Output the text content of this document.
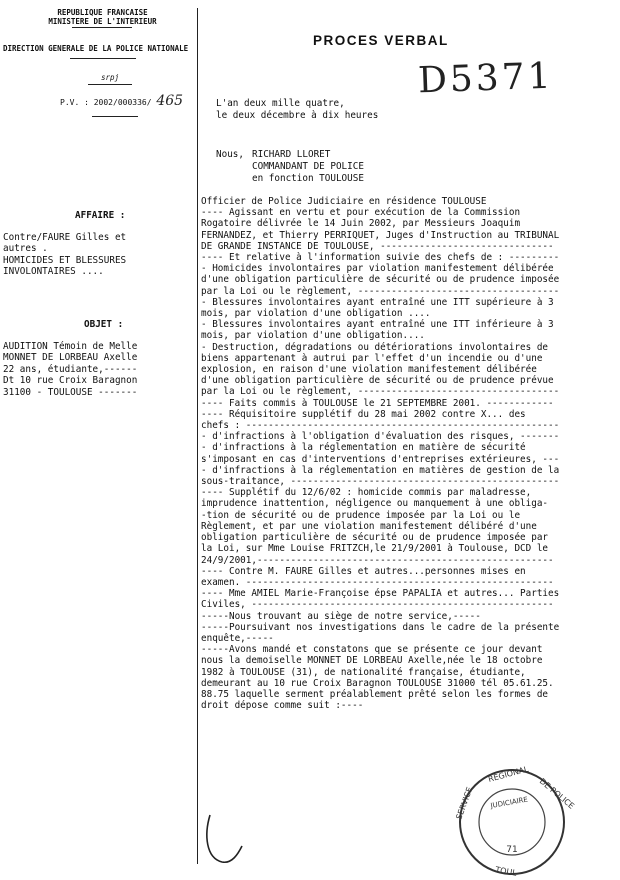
REPUBLIQUE FRANCAISE
MINISTERE DE L'INTERIEUR
DIRECTION GENERALE DE LA POLICE NATIONALE
srpj
P.V. : 2002/000336/ 465
PROCES VERBAL
D5371
L'an deux mille quatre,
le deux décembre à dix heures
Nous, RICHARD LLORET
COMMANDANT DE POLICE
en fonction TOULOUSE
AFFAIRE :
Contre/FAURE Gilles et
autres .
HOMICIDES ET BLESSURES
INVOLONTAIRES ....
OBJET :
AUDITION Témoin de Melle
MONNET DE LORBEAU Axelle
22 ans, étudiante,------
Dt 10 rue Croix Baragnon
31100 - TOULOUSE -------
Officier de Police Judiciaire en résidence TOULOUSE
---- Agissant en vertu et pour exécution de la Commission
Rogatoire délivrée le 14 Juin 2002, par Messieurs Joaquim
FERNANDEZ, et Thierry PERRIQUET, Juges d'Instruction au TRIBUNAL
DE GRANDE INSTANCE DE TOULOUSE, -------------------------------
---- Et relative à l'information suivie des chefs de : ---------
- Homicides involontaires par violation manifestement délibérée
d'une obligation particulière de sécurité ou de prudence imposée
par la Loi ou le règlement, ------------------------------------
- Blessures involontaires ayant entraîné une ITT supérieure à 3
mois, par violation d'une obligation ....
- Blessures involontaires ayant entraîné une ITT inférieure à 3
mois, par violation d'une obligation....
- Destruction, dégradations ou détériorations involontaires de
biens appartenant à autrui par l'effet d'un incendie ou d'une
explosion, en raison d'une violation manifestement délibérée
d'une obligation particulière de sécurité ou de prudence prévue
par la Loi ou le règlement, ------------------------------------
---- Faits commis à TOULOUSE le 21 SEPTEMBRE 2001. ------------
---- Réquisitoire supplétif du 28 mai 2002 contre X... des
chefs : --------------------------------------------------------
- d'infractions à l'obligation d'évaluation des risques, -------
- d'infractions à la réglementation en matière de sécurité
s'imposant en cas d'interventions d'entreprises extérieures, ---
- d'infractions à la réglementation en matières de gestion de la
sous-traitance, ------------------------------------------------
---- Supplétif du 12/6/02 : homicide commis par maladresse,
imprudence inattention, négligence ou manquement à une obliga-
-tion de sécurité ou de prudence imposée par la Loi ou le
Règlement, et par une violation manifestement délibéré d'une
obligation particulière de sécurité ou de prudence imposée par
la Loi, sur Mme Louise FRITZCH,le 21/9/2001 à Toulouse, DCD le
24/9/2001,-----------------------------------------------------
---- Contre M. FAURE Gilles et autres...personnes mises en
examen. -------------------------------------------------------
---- Mme AMIEL Marie-Françoise épse PAPALIA et autres... Parties
Civiles, ------------------------------------------------------
-----Nous trouvant au siège de notre service,-----
-----Poursuivant nos investigations dans le cadre de la présente
enquête,-----
-----Avons mandé et constatons que se présente ce jour devant
nous la demoiselle MONNET DE LORBEAU Axelle,née le 18 octobre
1982 à TOULOUSE (31), de nationalité française, étudiante,
demeurant au 10 rue Croix Baragnon TOULOUSE 31000 tél 05.61.25.
88.75 laquelle serment préalablement prêté selon les formes de
droit dépose comme suit :----
71
SERVICE
RÉGIONAL
DE POLICE
JUDICIAIRE
TOUL
